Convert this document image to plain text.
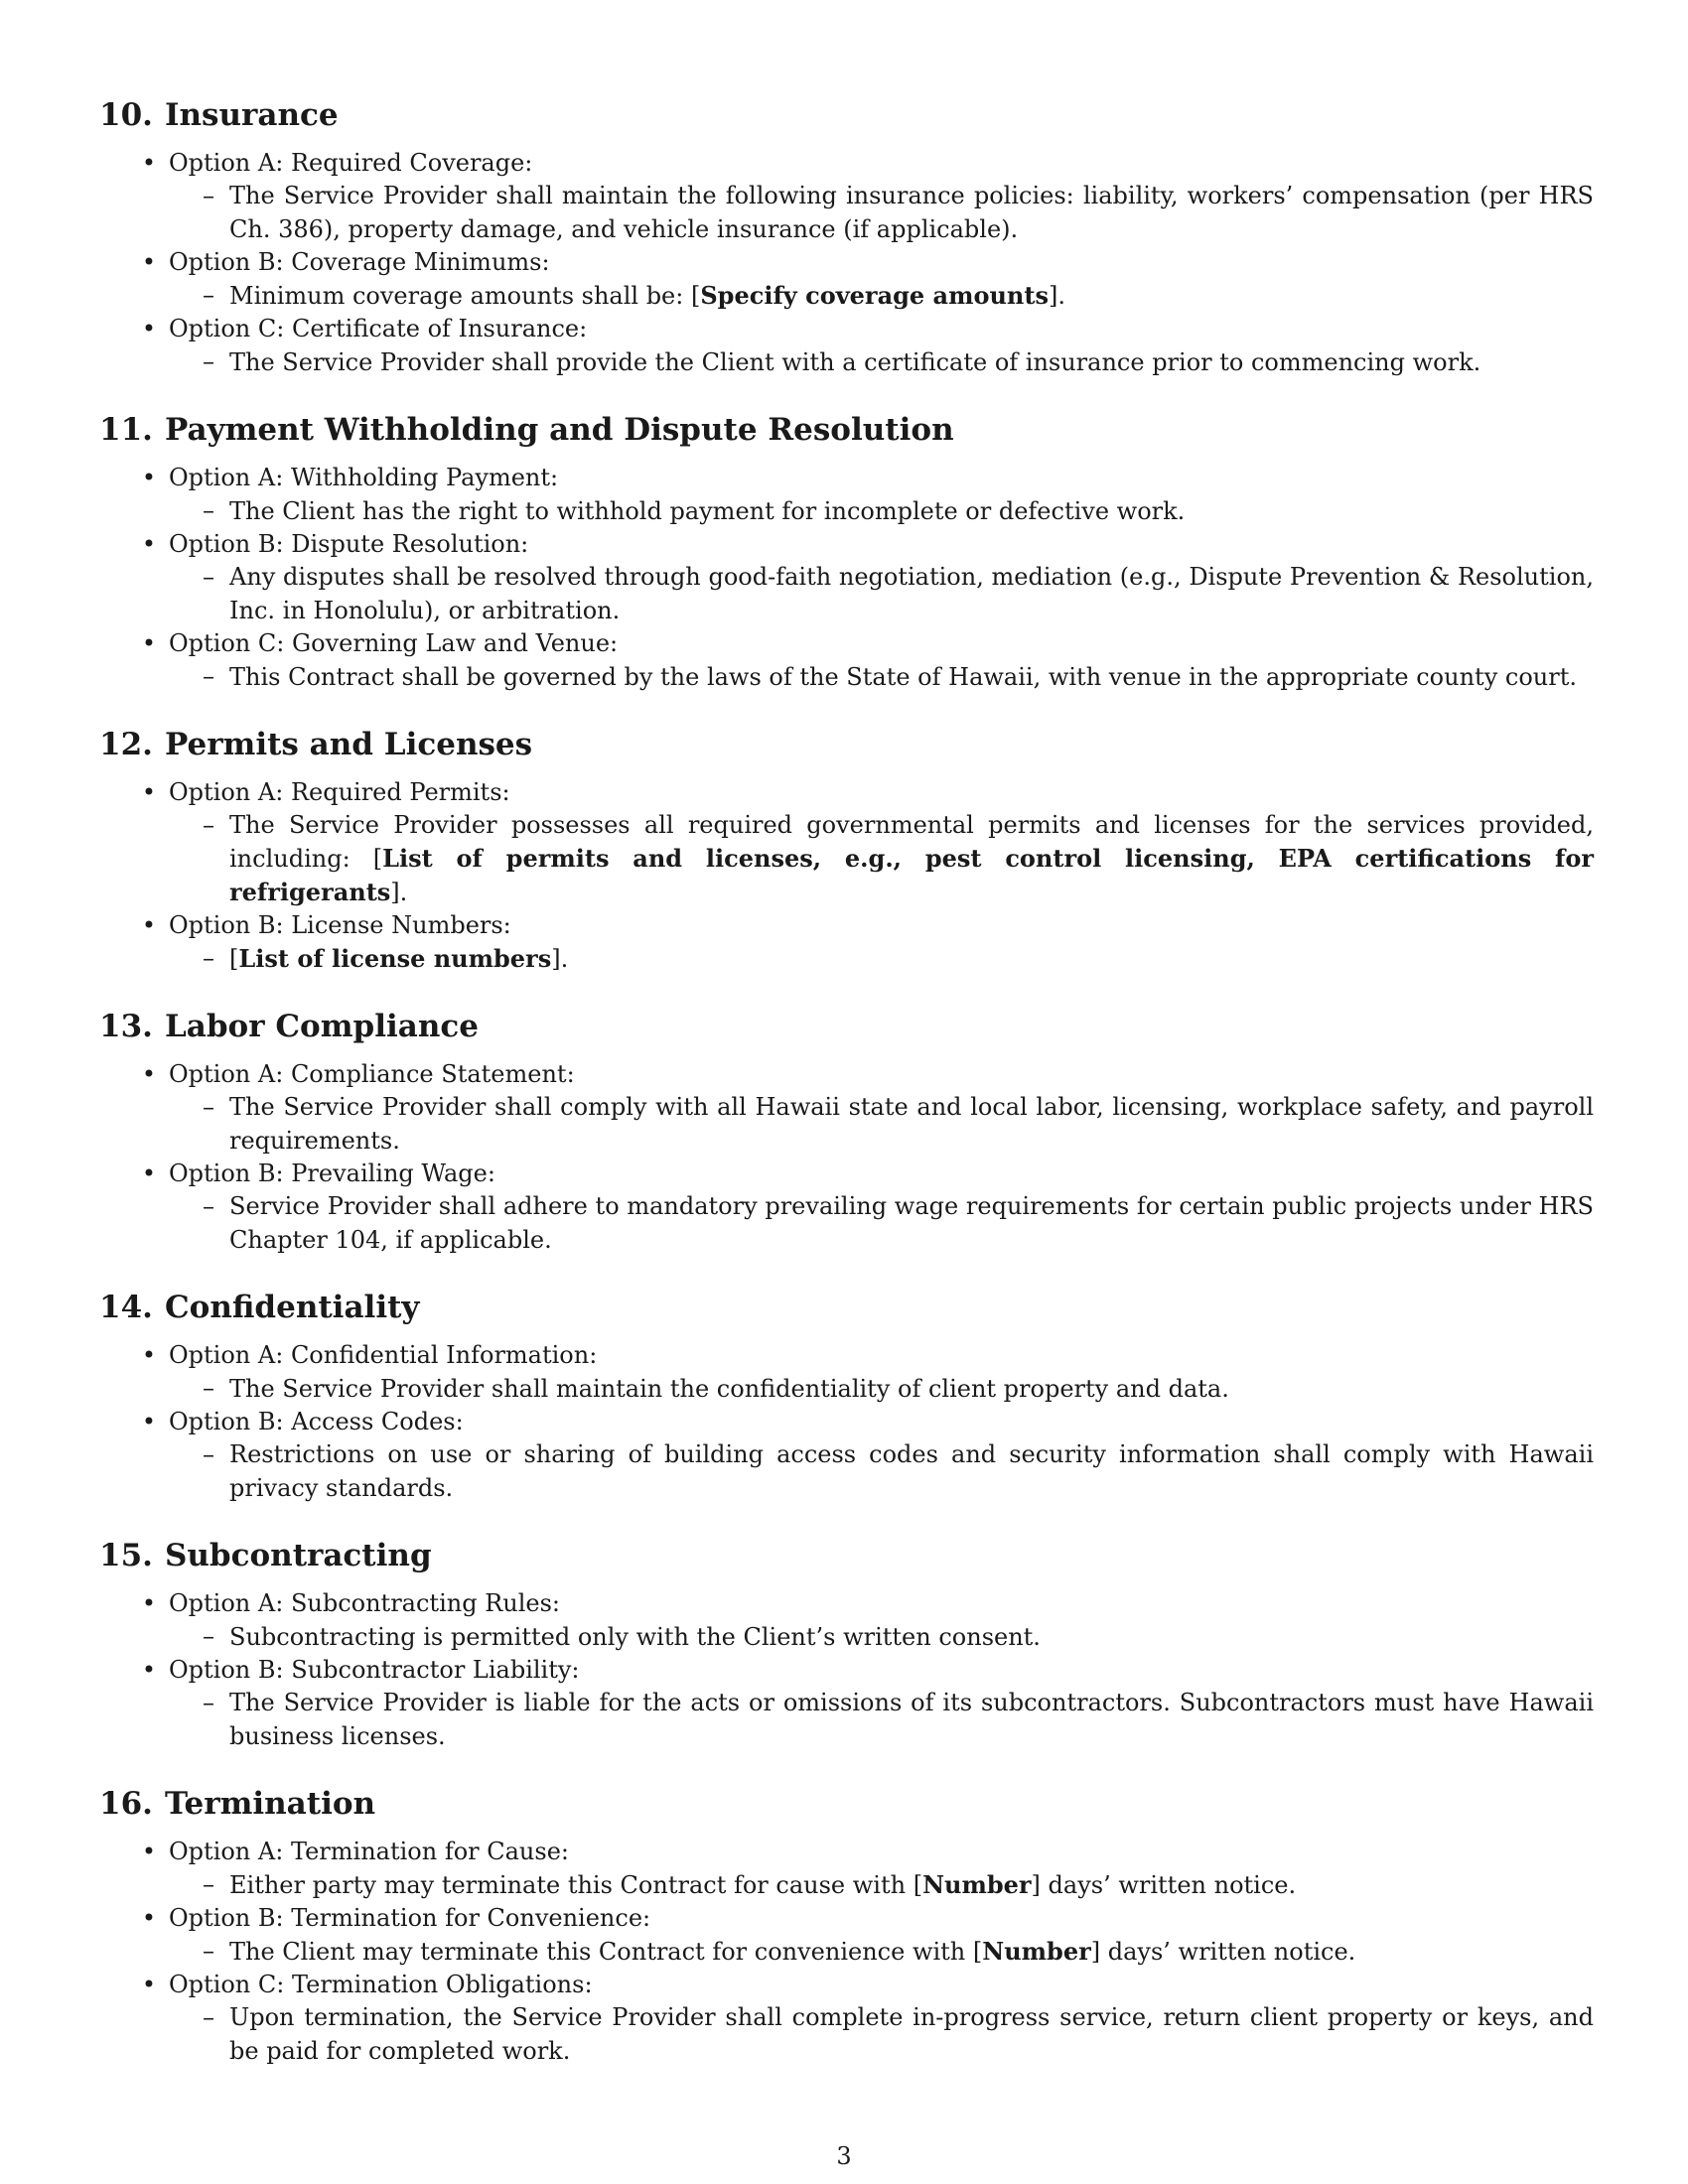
10. Insurance
• Option A: Required Coverage:
– The Service Provider shall maintain the following insurance policies: liability, workers’ compensation (per HRS Ch. 386), property damage, and vehicle insurance (if applicable).
• Option B: Coverage Minimums:
– Minimum coverage amounts shall be: [Specify coverage amounts].
• Option C: Certificate of Insurance:
– The Service Provider shall provide the Client with a certificate of insurance prior to commencing work.
11. Payment Withholding and Dispute Resolution
• Option A: Withholding Payment:
– The Client has the right to withhold payment for incomplete or defective work.
• Option B: Dispute Resolution:
– Any disputes shall be resolved through good-faith negotiation, mediation (e.g., Dispute Prevention & Resolution, Inc. in Honolulu), or arbitration.
• Option C: Governing Law and Venue:
– This Contract shall be governed by the laws of the State of Hawaii, with venue in the appropriate county court.
12. Permits and Licenses
• Option A: Required Permits:
– The Service Provider possesses all required governmental permits and licenses for the services provided, including: [List of permits and licenses, e.g., pest control licensing, EPA certifications for refrigerants].
• Option B: License Numbers:
– [List of license numbers].
13. Labor Compliance
• Option A: Compliance Statement:
– The Service Provider shall comply with all Hawaii state and local labor, licensing, workplace safety, and payroll requirements.
• Option B: Prevailing Wage:
– Service Provider shall adhere to mandatory prevailing wage requirements for certain public projects under HRS Chapter 104, if applicable.
14. Confidentiality
• Option A: Confidential Information:
– The Service Provider shall maintain the confidentiality of client property and data.
• Option B: Access Codes:
– Restrictions on use or sharing of building access codes and security information shall comply with Hawaii privacy standards.
15. Subcontracting
• Option A: Subcontracting Rules:
– Subcontracting is permitted only with the Client’s written consent.
• Option B: Subcontractor Liability:
– The Service Provider is liable for the acts or omissions of its subcontractors. Subcontractors must have Hawaii business licenses.
16. Termination
• Option A: Termination for Cause:
– Either party may terminate this Contract for cause with [Number] days’ written notice.
• Option B: Termination for Convenience:
– The Client may terminate this Contract for convenience with [Number] days’ written notice.
• Option C: Termination Obligations:
– Upon termination, the Service Provider shall complete in-progress service, return client property or keys, and be paid for completed work.
3
